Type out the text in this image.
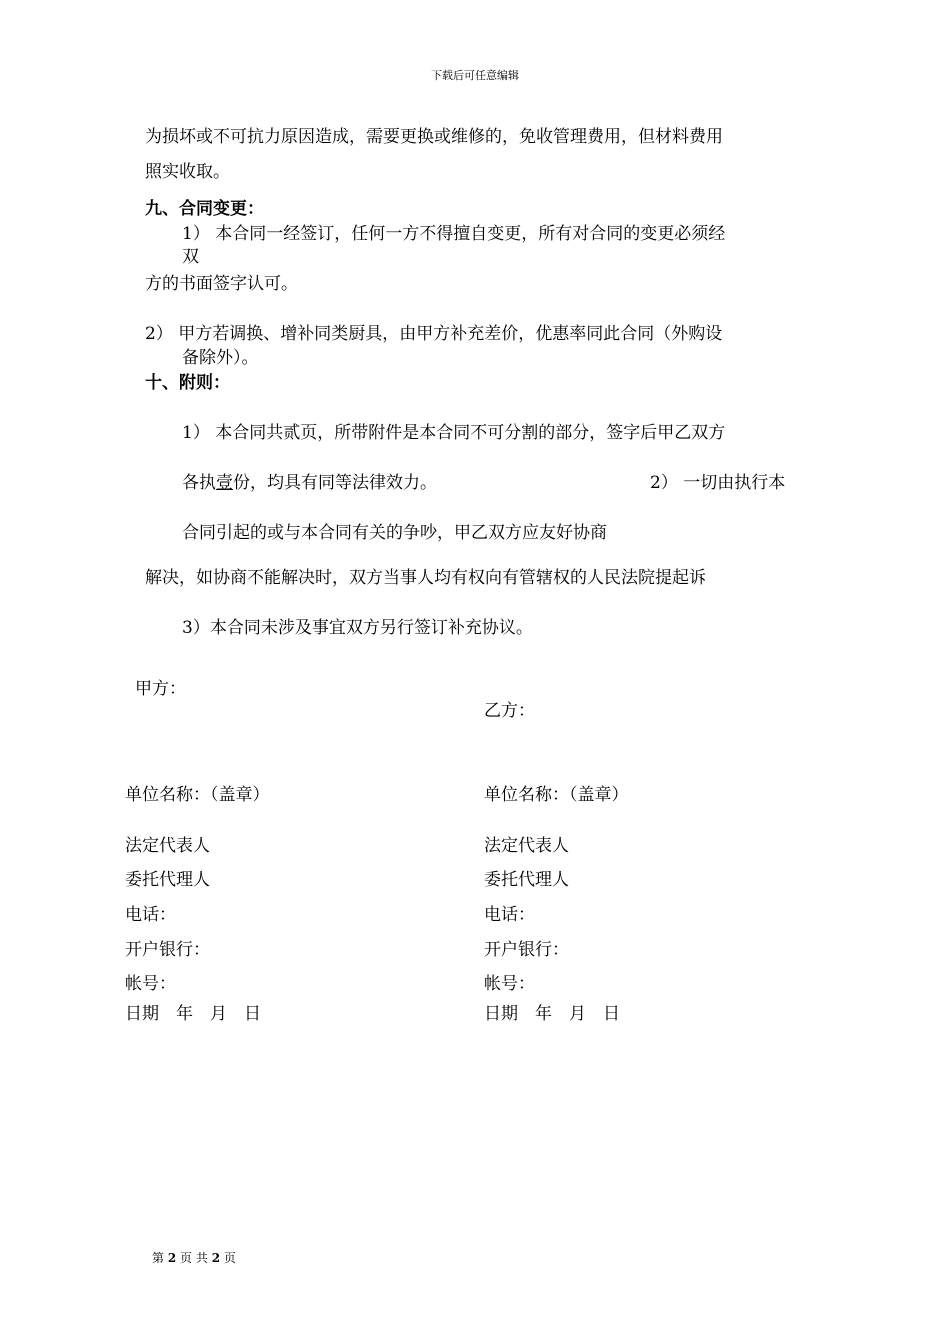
下载后可任意编辑
为损坏或不可抗力原因造成，需要更换或维修的，免收管理费用，但材料费用
照实收取。
九、合同变更：
1） 本合同一经签订，任何一方不得擅自变更，所有对合同的变更必须经
双
方的书面签字认可。
2） 甲方若调换、增补同类厨具，由甲方补充差价，优惠率同此合同（外购设
备除外）。
十、附则：
1） 本合同共贰页，所带附件是本合同不可分割的部分，签字后甲乙双方
各执壹份，均具有同等法律效力。	2） 一切由执行本
合同引起的或与本合同有关的争吵，甲乙双方应友好协商
解决，如协商不能解决时，双方当事人均有权向有管辖权的人民法院提起诉
3）本合同未涉及事宜双方另行签订补充协议。
甲方：
乙方：
单位名称：（盖章）	单位名称：（盖章）
法定代表人	法定代表人
委托代理人	委托代理人
电话：	电话：
开户银行：	开户银行：
帐号：	帐号：
日期　年　月　日	日期　年　月　日
第 2 页 共 2 页
